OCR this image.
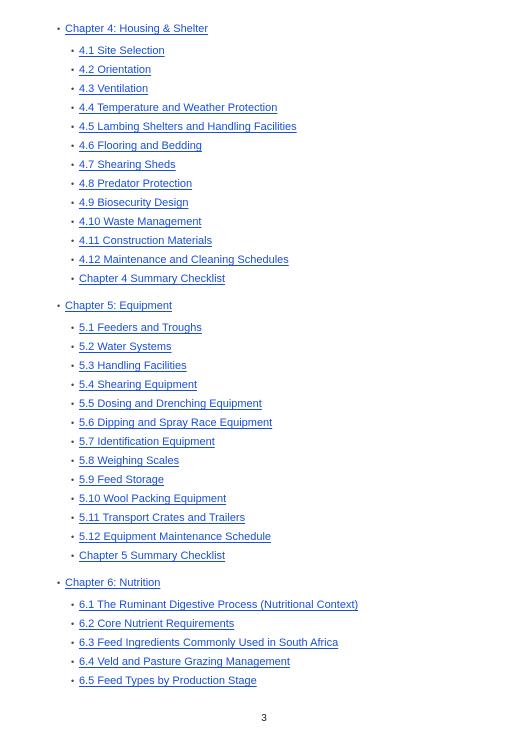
• Chapter 4: Housing & Shelter
• 4.1 Site Selection
• 4.2 Orientation
• 4.3 Ventilation
• 4.4 Temperature and Weather Protection
• 4.5 Lambing Shelters and Handling Facilities
• 4.6 Flooring and Bedding
• 4.7 Shearing Sheds
• 4.8 Predator Protection
• 4.9 Biosecurity Design
• 4.10 Waste Management
• 4.11 Construction Materials
• 4.12 Maintenance and Cleaning Schedules
• Chapter 4 Summary Checklist
• Chapter 5: Equipment
• 5.1 Feeders and Troughs
• 5.2 Water Systems
• 5.3 Handling Facilities
• 5.4 Shearing Equipment
• 5.5 Dosing and Drenching Equipment
• 5.6 Dipping and Spray Race Equipment
• 5.7 Identification Equipment
• 5.8 Weighing Scales
• 5.9 Feed Storage
• 5.10 Wool Packing Equipment
• 5.11 Transport Crates and Trailers
• 5.12 Equipment Maintenance Schedule
• Chapter 5 Summary Checklist
• Chapter 6: Nutrition
• 6.1 The Ruminant Digestive Process (Nutritional Context)
• 6.2 Core Nutrient Requirements
• 6.3 Feed Ingredients Commonly Used in South Africa
• 6.4 Veld and Pasture Grazing Management
• 6.5 Feed Types by Production Stage
3
